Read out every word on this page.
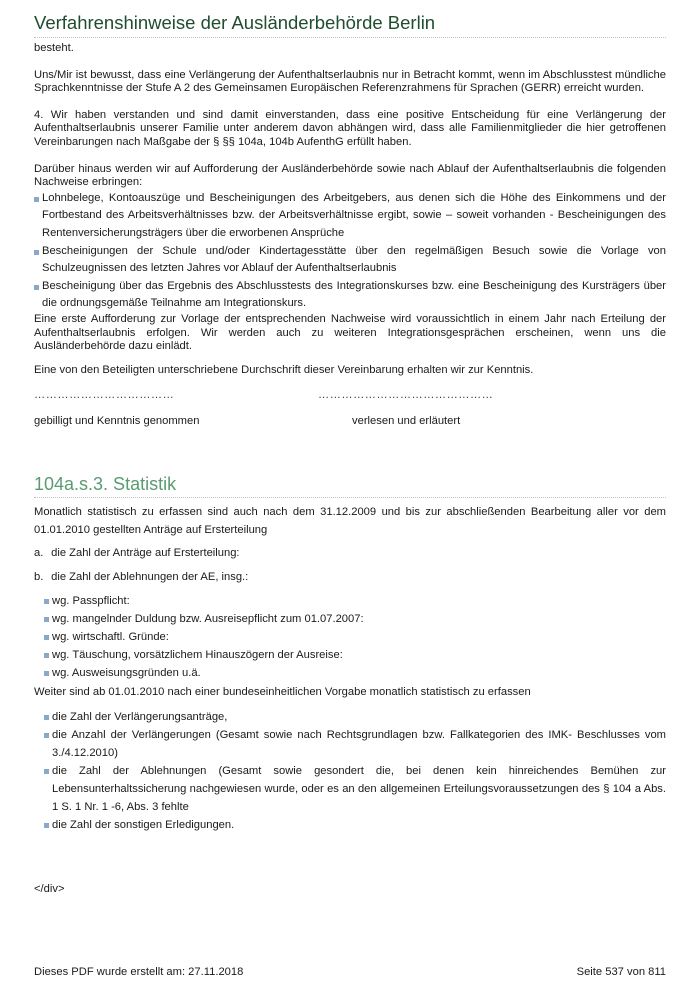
Verfahrenshinweise der Ausländerbehörde Berlin

besteht.

Uns/Mir ist bewusst, dass eine Verlängerung der Aufenthaltserlaubnis nur in Betracht kommt, wenn im Abschlusstest mündliche Sprachkenntnisse der Stufe A 2 des Gemeinsamen Europäischen Referenzrahmens für Sprachen (GERR) erreicht wurden.

4. Wir haben verstanden und sind damit einverstanden, dass eine positive Entscheidung für eine Verlängerung der Aufenthaltserlaubnis unserer Familie unter anderem davon abhängen wird, dass alle Familienmitglieder die hier getroffenen Vereinbarungen nach Maßgabe der § §§ 104a, 104b AufenthG erfüllt haben.

Darüber hinaus werden wir auf Aufforderung der Ausländerbehörde sowie nach Ablauf der Aufenthaltserlaubnis die folgenden Nachweise erbringen:

Lohnbelege, Kontoauszüge und Bescheinigungen des Arbeitgebers, aus denen sich die Höhe des Einkommens und der Fortbestand des Arbeitsverhältnisses bzw. der Arbeitsverhältnisse ergibt, sowie – soweit vorhanden - Bescheinigungen des Rentenversicherungsträgers über die erworbenen Ansprüche
Bescheinigungen der Schule und/oder Kindertagesstätte über den regelmäßigen Besuch sowie die Vorlage von Schulzeugnissen des letzten Jahres vor Ablauf der Aufenthaltserlaubnis
Bescheinigung über das Ergebnis des Abschlusstests des Integrationskurses bzw. eine Bescheinigung des Kursträgers über die ordnungsgemäße Teilnahme am Integrationskurs.

Eine erste Aufforderung zur Vorlage der entsprechenden Nachweise wird voraussichtlich in einem Jahr nach Erteilung der Aufenthaltserlaubnis erfolgen. Wir werden auch zu weiteren Integrationsgesprächen erscheinen, wenn uns die Ausländerbehörde dazu einlädt.

Eine von den Beteiligten unterschriebene Durchschrift dieser Vereinbarung erhalten wir zur Kenntnis.

………………………………	………………………………………
gebilligt und Kenntnis genommen	verlesen und erläutert
104a.s.3. Statistik

Monatlich statistisch zu erfassen sind auch nach dem 31.12.2009 und bis zur abschließenden Bearbeitung aller vor dem 01.01.2010 gestellten Anträge auf Ersterteilung

a. die Zahl der Anträge auf Ersterteilung:
b. die Zahl der Ablehnungen der AE, insg.:
wg. Passpflicht:
wg. mangelnder Duldung bzw. Ausreisepflicht zum 01.07.2007:
wg. wirtschaftl. Gründe:
wg. Täuschung, vorsätzlichem Hinauszögern der Ausreise:
wg. Ausweisungsgründen u.ä.

Weiter sind ab 01.01.2010 nach einer bundeseinheitlichen Vorgabe monatlich statistisch zu erfassen

die Zahl der Verlängerungsanträge,
die Anzahl der Verlängerungen (Gesamt sowie nach Rechtsgrundlagen bzw. Fallkategorien des IMK- Beschlusses vom 3./4.12.2010)
die Zahl der Ablehnungen (Gesamt sowie gesondert die, bei denen kein hinreichendes Bemühen zur Lebensunterhaltssicherung nachgewiesen wurde, oder es an den allgemeinen Erteilungsvoraussetzungen des § 104 a Abs. 1 S. 1 Nr. 1 -6, Abs. 3 fehlte
die Zahl der sonstigen Erledigungen.
</div>
Dieses PDF wurde erstellt am: 27.11.2018	Seite 537 von 811
